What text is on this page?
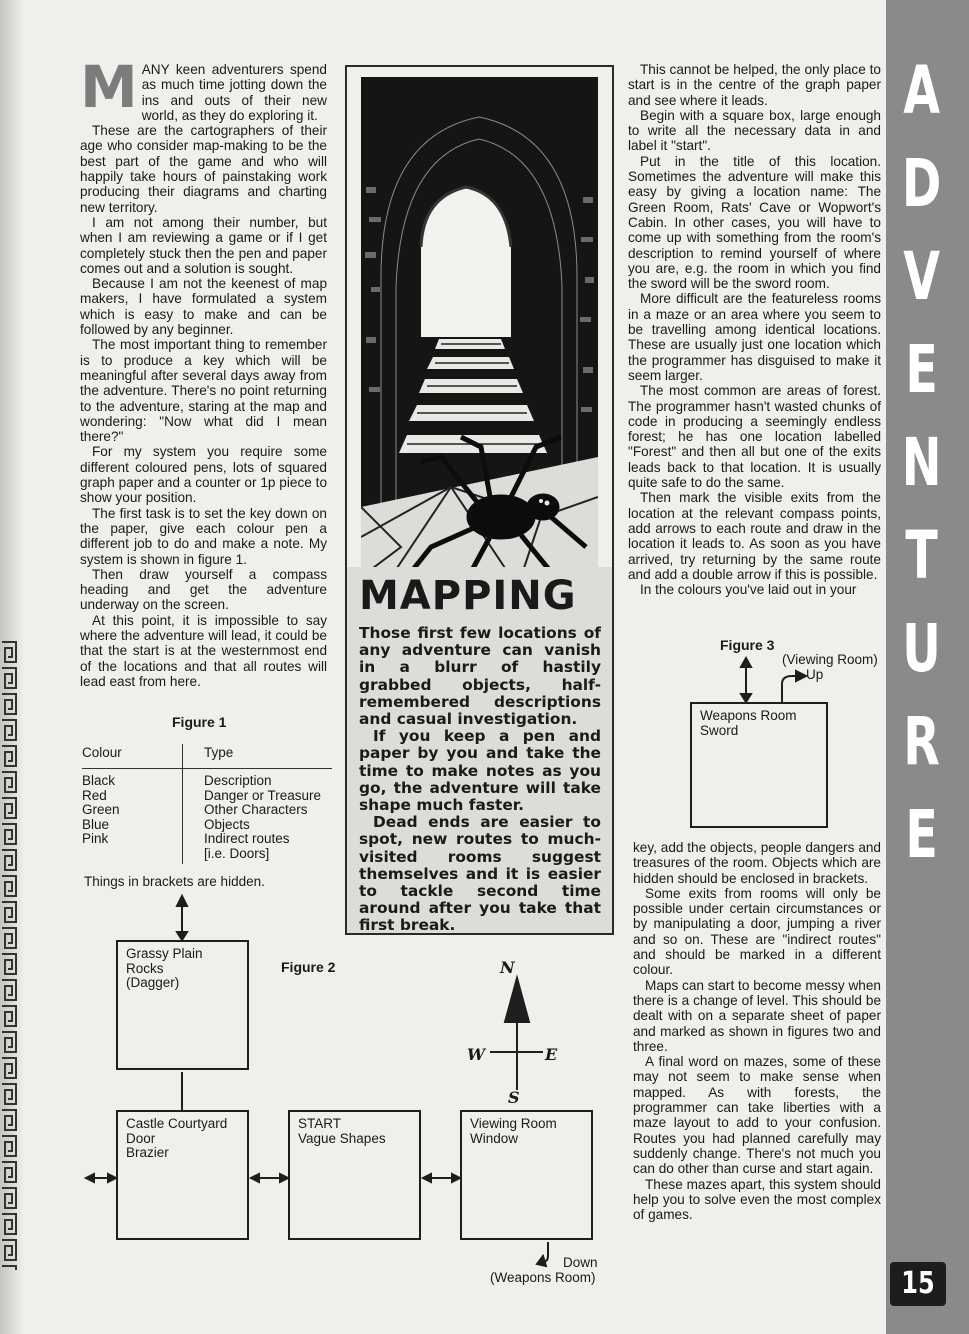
M ANY keen adventurers spend as much time jotting down the ins and outs of their new world, as they do exploring it.

These are the cartographers of their age who consider map-making to be the best part of the game and who will happily take hours of painstaking work producing their diagrams and charting new territory.

I am not among their number, but when I am reviewing a game or if I get completely stuck then the pen and paper comes out and a solution is sought.

Because I am not the keenest of map makers, I have formulated a system which is easy to make and can be followed by any beginner.

The most important thing to remember is to produce a key which will be meaningful after several days away from the adventure. There's no point returning to the adventure, staring at the map and wondering: "Now what did I mean there?"

For my system you require some different coloured pens, lots of squared graph paper and a counter or 1p piece to show your position.

The first task is to set the key down on the paper, give each colour pen a different job to do and make a note. My system is shown in figure 1.

Then draw yourself a compass heading and get the adventure underway on the screen.

At this point, it is impossible to say where the adventure will lead, it could be that the start is at the westernmost end of the locations and that all routes will lead east from here.

Figure 1
Colour	Type
Black
Red
Green
Blue
Pink
Description
Danger or Treasure
Other Characters
Objects
Indirect routes
[i.e. Doors]
Things in brackets are hidden.
MAPPING

Those first few locations of any adventure can vanish in a blurr of hastily grabbed objects, half-remembered descriptions and casual investigation.

If you keep a pen and paper by you and take the time to make notes as you go, the adventure will take shape much faster.

Dead ends are easier to spot, new routes to much-visited rooms suggest themselves and it is easier to tackle second time around after you take that first break.

This cannot be helped, the only place to start is in the centre of the graph paper and see where it leads.

Begin with a square box, large enough to write all the necessary data in and label it "start".

Put in the title of this location. Sometimes the adventure will make this easy by giving a location name: The Green Room, Rats' Cave or Wopwort's Cabin. In other cases, you will have to come up with something from the room's description to remind yourself of where you are, e.g. the room in which you find the sword will be the sword room.

More difficult are the featureless rooms in a maze or an area where you seem to be travelling among identical locations. These are usually just one location which the programmer has disguised to make it seem larger.

The most common are areas of forest. The programmer hasn't wasted chunks of code in producing a seemingly endless forest; he has one location labelled "Forest" and then all but one of the exits leads back to that location. It is usually quite safe to do the same.

Then mark the visible exits from the location at the relevant compass points, add arrows to each route and draw in the location it leads to. As soon as you have arrived, try returning by the same route and add a double arrow if this is possible.

In the colours you've laid out in your

Figure 3
(Viewing Room)
Up
Weapons Room
Sword

key, add the objects, people dangers and treasures of the room. Objects which are hidden should be enclosed in brackets.

Some exits from rooms will only be possible under certain circumstances or by manipulating a door, jumping a river and so on. These are "indirect routes" and should be marked in a different colour.

Maps can start to become messy when there is a change of level. This should be dealt with on a separate sheet of paper and marked as shown in figures two and three.

A final word on mazes, some of these may not seem to make sense when mapped. As with forests, the programmer can take liberties with a maze layout to add to your confusion. Routes you had planned carefully may suddenly change. There's not much you can do other than curse and start again.

These mazes apart, this system should help you to solve even the most complex of games.

Figure 2
Grassy Plain
Rocks
(Dagger)
Castle Courtyard
Door
Brazier
START
Vague Shapes
Viewing Room
Window
Down
(Weapons Room)
N
S
E
W
A
D
V
E
N
T
U
R
E
15
